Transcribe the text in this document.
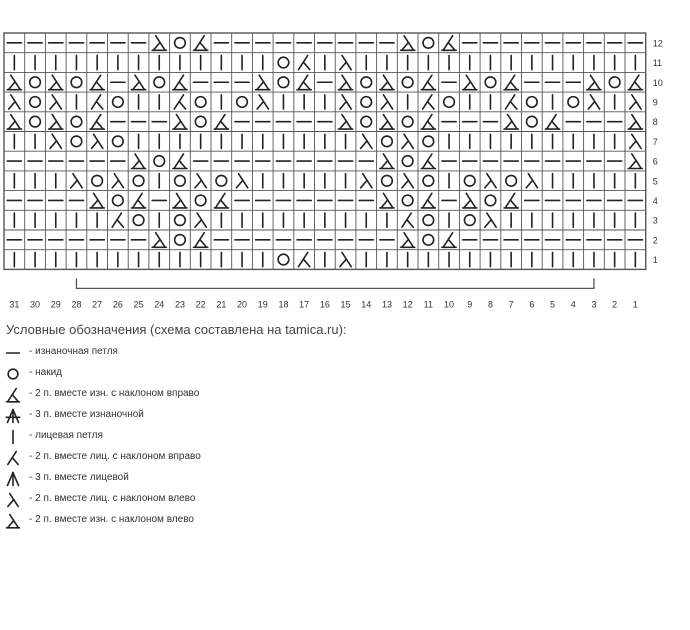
1
2
3
4
5
6
7
8
9
10
11
12
31 30 29 28 27 26 25 24 23 22 21 20 19 18 17 16 15 14 13 12 11 10 9 8 7 6 5 4 3 2 1
Условные обозначения (схема составлена на tamica.ru):
- изнаночная петля
- накид
- 2 п. вместе изн. с наклоном вправо
- 3 п. вместе изнаночной
- лицевая петля
- 2 п. вместе лиц. с наклоном вправо
- 3 п. вместе лицевой
- 2 п. вместе лиц. с наклоном влево
- 2 п. вместе изн. с наклоном влево
